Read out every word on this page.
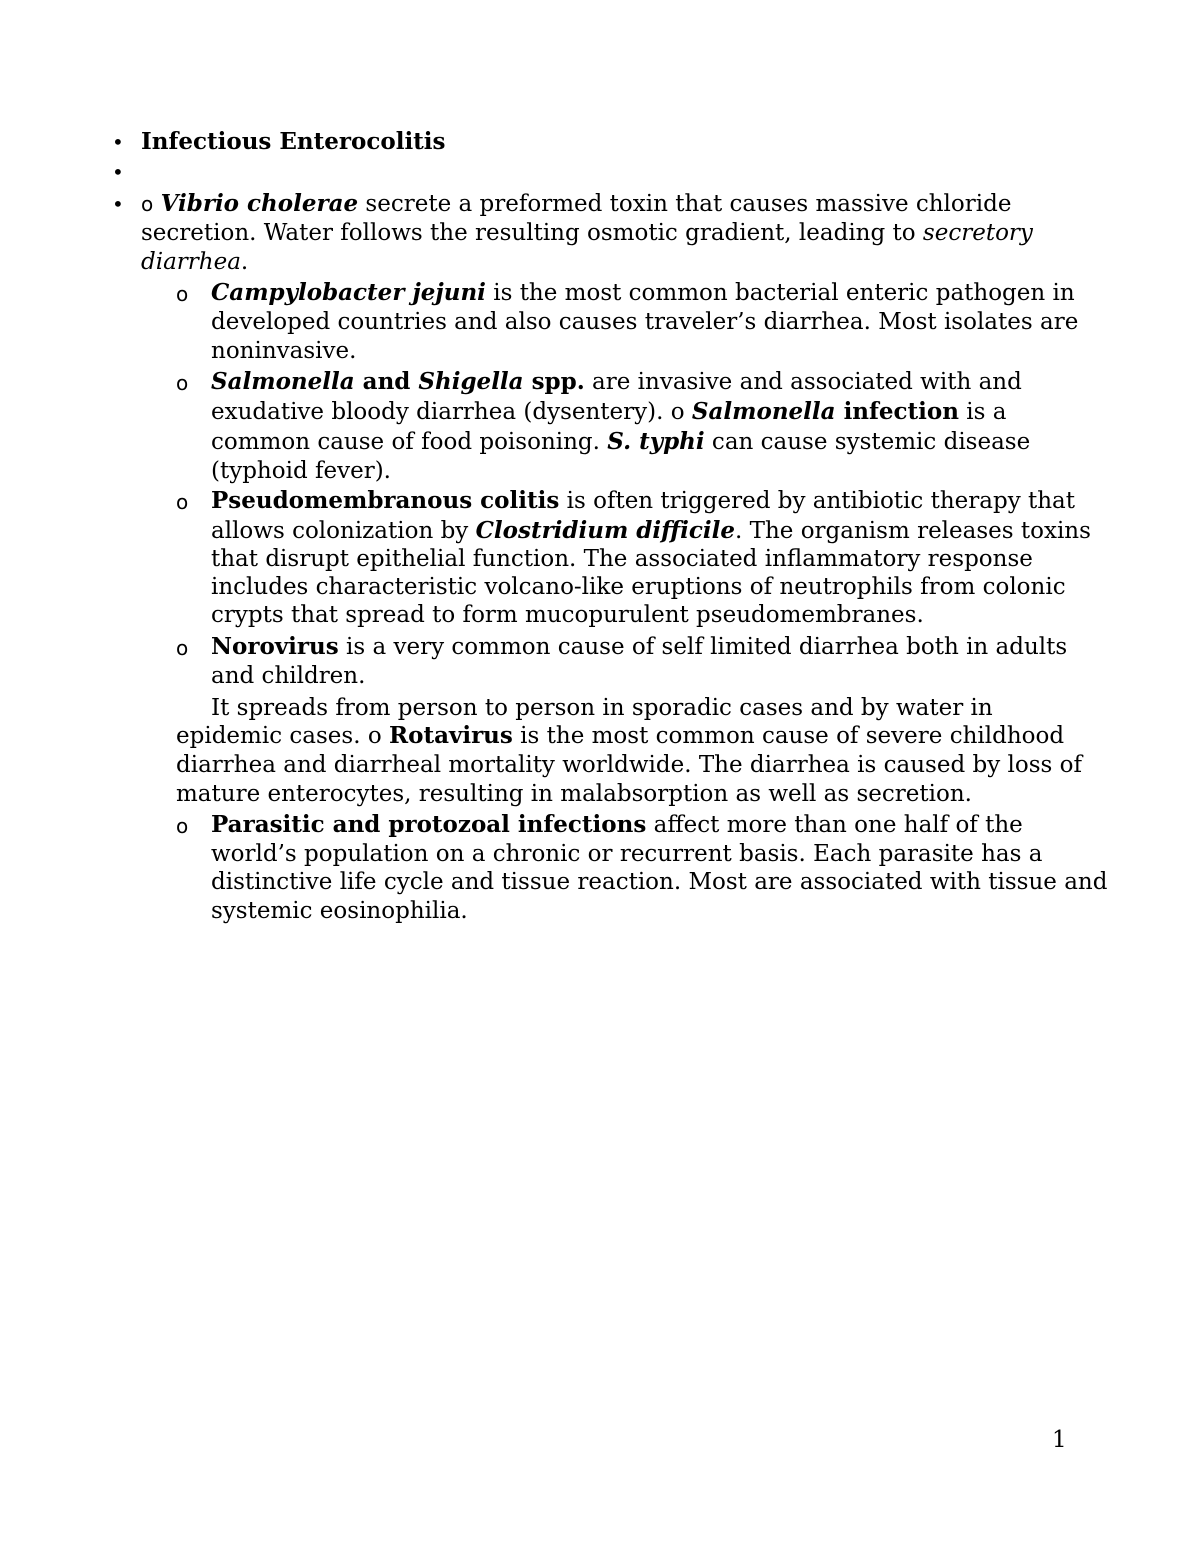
• Infectious Enterocolitis
•
• o Vibrio cholerae secrete a preformed toxin that causes massive chloride
secretion. Water follows the resulting osmotic gradient, leading to secretory
diarrhea.
o Campylobacter jejuni is the most common bacterial enteric pathogen in
developed countries and also causes traveler’s diarrhea. Most isolates are
noninvasive.
o Salmonella and Shigella spp. are invasive and associated with and
exudative bloody diarrhea (dysentery). o Salmonella infection is a
common cause of food poisoning. S. typhi can cause systemic disease
(typhoid fever).
o Pseudomembranous colitis is often triggered by antibiotic therapy that
allows colonization by Clostridium difficile. The organism releases toxins
that disrupt epithelial function. The associated inflammatory response
includes characteristic volcano-like eruptions of neutrophils from colonic
crypts that spread to form mucopurulent pseudomembranes.
o Norovirus is a very common cause of self limited diarrhea both in adults
and children.
It spreads from person to person in sporadic cases and by water in
epidemic cases. o Rotavirus is the most common cause of severe childhood
diarrhea and diarrheal mortality worldwide. The diarrhea is caused by loss of
mature enterocytes, resulting in malabsorption as well as secretion.
o Parasitic and protozoal infections affect more than one half of the
world’s population on a chronic or recurrent basis. Each parasite has a
distinctive life cycle and tissue reaction. Most are associated with tissue and
systemic eosinophilia.
1
